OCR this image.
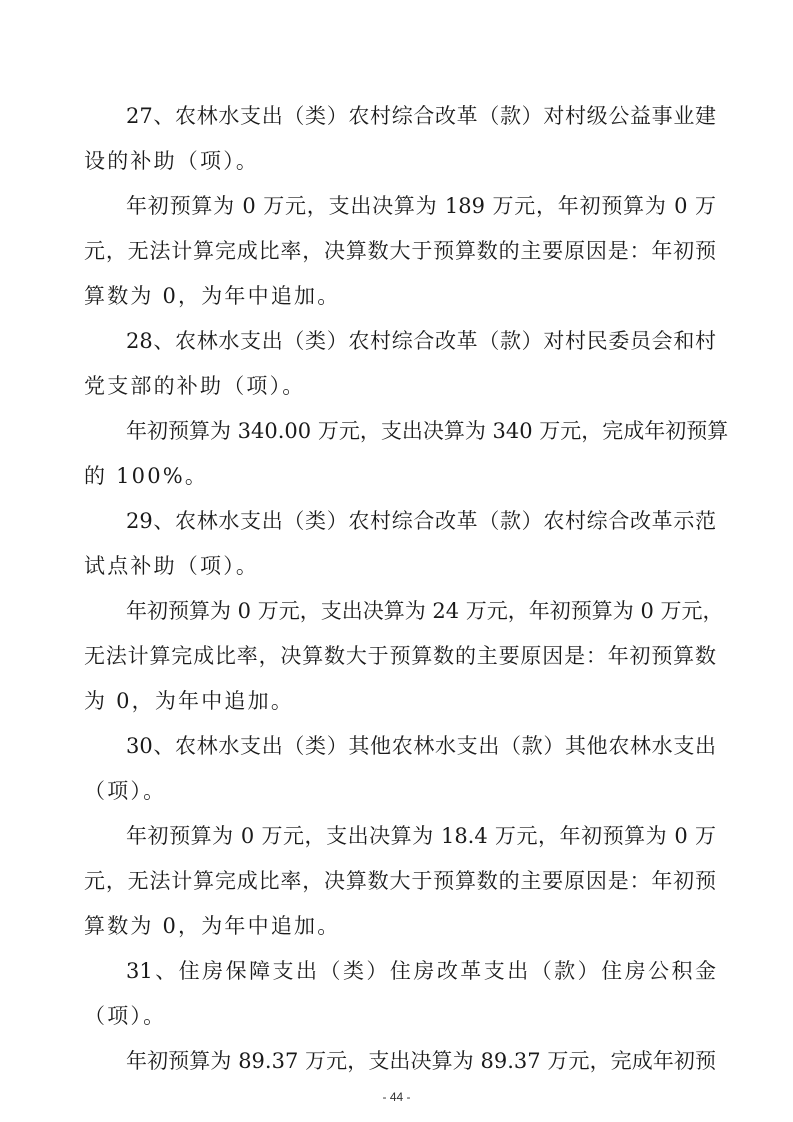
27、农林水支出（类）农村综合改革（款）对村级公益事业建
设的补助（项）。
年初预算为 0 万元，支出决算为 189 万元，年初预算为 0 万
元，无法计算完成比率，决算数大于预算数的主要原因是：年初预
算数为 0，为年中追加。
28、农林水支出（类）农村综合改革（款）对村民委员会和村
党支部的补助（项）。
年初预算为 340.00 万元，支出决算为 340 万元，完成年初预算
的 100%。
29、农林水支出（类）农村综合改革（款）农村综合改革示范
试点补助（项）。
年初预算为 0 万元，支出决算为 24 万元，年初预算为 0 万元，
无法计算完成比率，决算数大于预算数的主要原因是：年初预算数
为 0，为年中追加。
30、农林水支出（类）其他农林水支出（款）其他农林水支出
（项）。
年初预算为 0 万元，支出决算为 18.4 万元，年初预算为 0 万
元，无法计算完成比率，决算数大于预算数的主要原因是：年初预
算数为 0，为年中追加。
31、住房保障支出（类）住房改革支出（款）住房公积金
（项）。
年初预算为 89.37 万元，支出决算为 89.37 万元，完成年初预
- 44 -
